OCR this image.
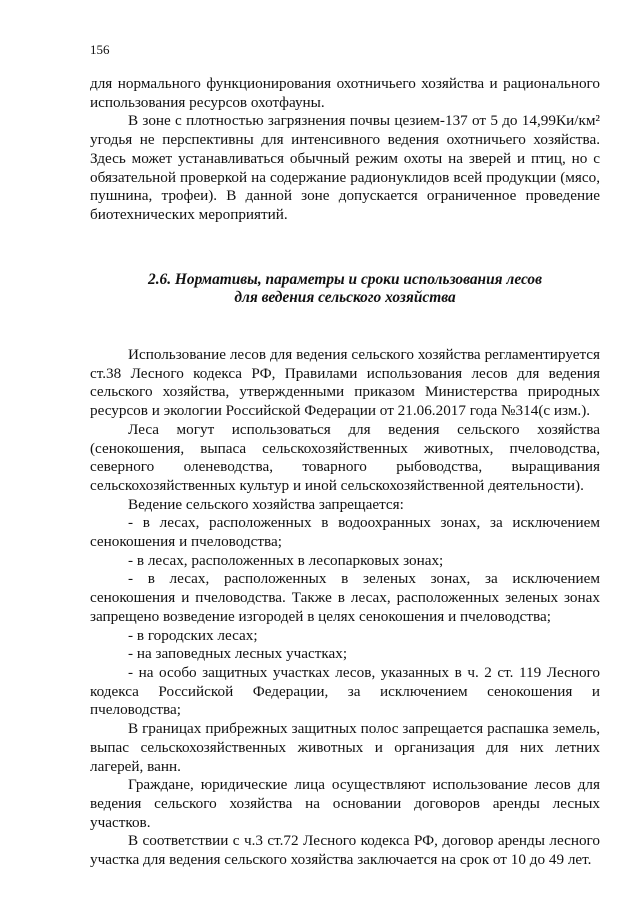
156

для нормального функционирования охотничьего хозяйства и рационального использования ресурсов охотфауны.

В зоне с плотностью загрязнения почвы цезием-137 от 5 до 14,99Ки/км² угодья не перспективны для интенсивного ведения охотничьего хозяйства. Здесь может устанавливаться обычный режим охоты на зверей и птиц, но с обязательной проверкой на содержание радионуклидов всей продукции (мясо, пушнина, трофеи). В данной зоне допускается ограниченное проведение биотехнических мероприятий.

2.6. Нормативы, параметры и сроки использования лесов
для ведения сельского хозяйства

Использование лесов для ведения сельского хозяйства регламентируется ст.38 Лесного кодекса РФ, Правилами использования лесов для ведения сельского хозяйства, утвержденными приказом Министерства природных ресурсов и экологии Российской Федерации от 21.06.2017 года №314(с изм.).

Леса могут использоваться для ведения сельского хозяйства (сенокошения, выпаса сельскохозяйственных животных, пчеловодства, северного оленеводства, товарного рыбоводства, выращивания сельскохозяйственных культур и иной сельскохозяйственной деятельности).

Ведение сельского хозяйства запрещается:

- в лесах, расположенных в водоохранных зонах, за исключением сенокошения и пчеловодства;

- в лесах, расположенных в лесопарковых зонах;

- в лесах, расположенных в зеленых зонах, за исключением сенокошения и пчеловодства. Также в лесах, расположенных зеленых зонах запрещено возведение изгородей в целях сенокошения и пчеловодства;

- в городских лесах;

- на заповедных лесных участках;

- на особо защитных участках лесов, указанных в ч. 2 ст. 119 Лесного кодекса Российской Федерации, за исключением сенокошения и пчеловодства;

В границах прибрежных защитных полос запрещается распашка земель, выпас сельскохозяйственных животных и организация для них летних лагерей, ванн.

Граждане, юридические лица осуществляют использование лесов для ведения сельского хозяйства на основании договоров аренды лесных участков.

В соответствии с ч.3 ст.72 Лесного кодекса РФ, договор аренды лесного участка для ведения сельского хозяйства заключается на срок от 10 до 49 лет.
